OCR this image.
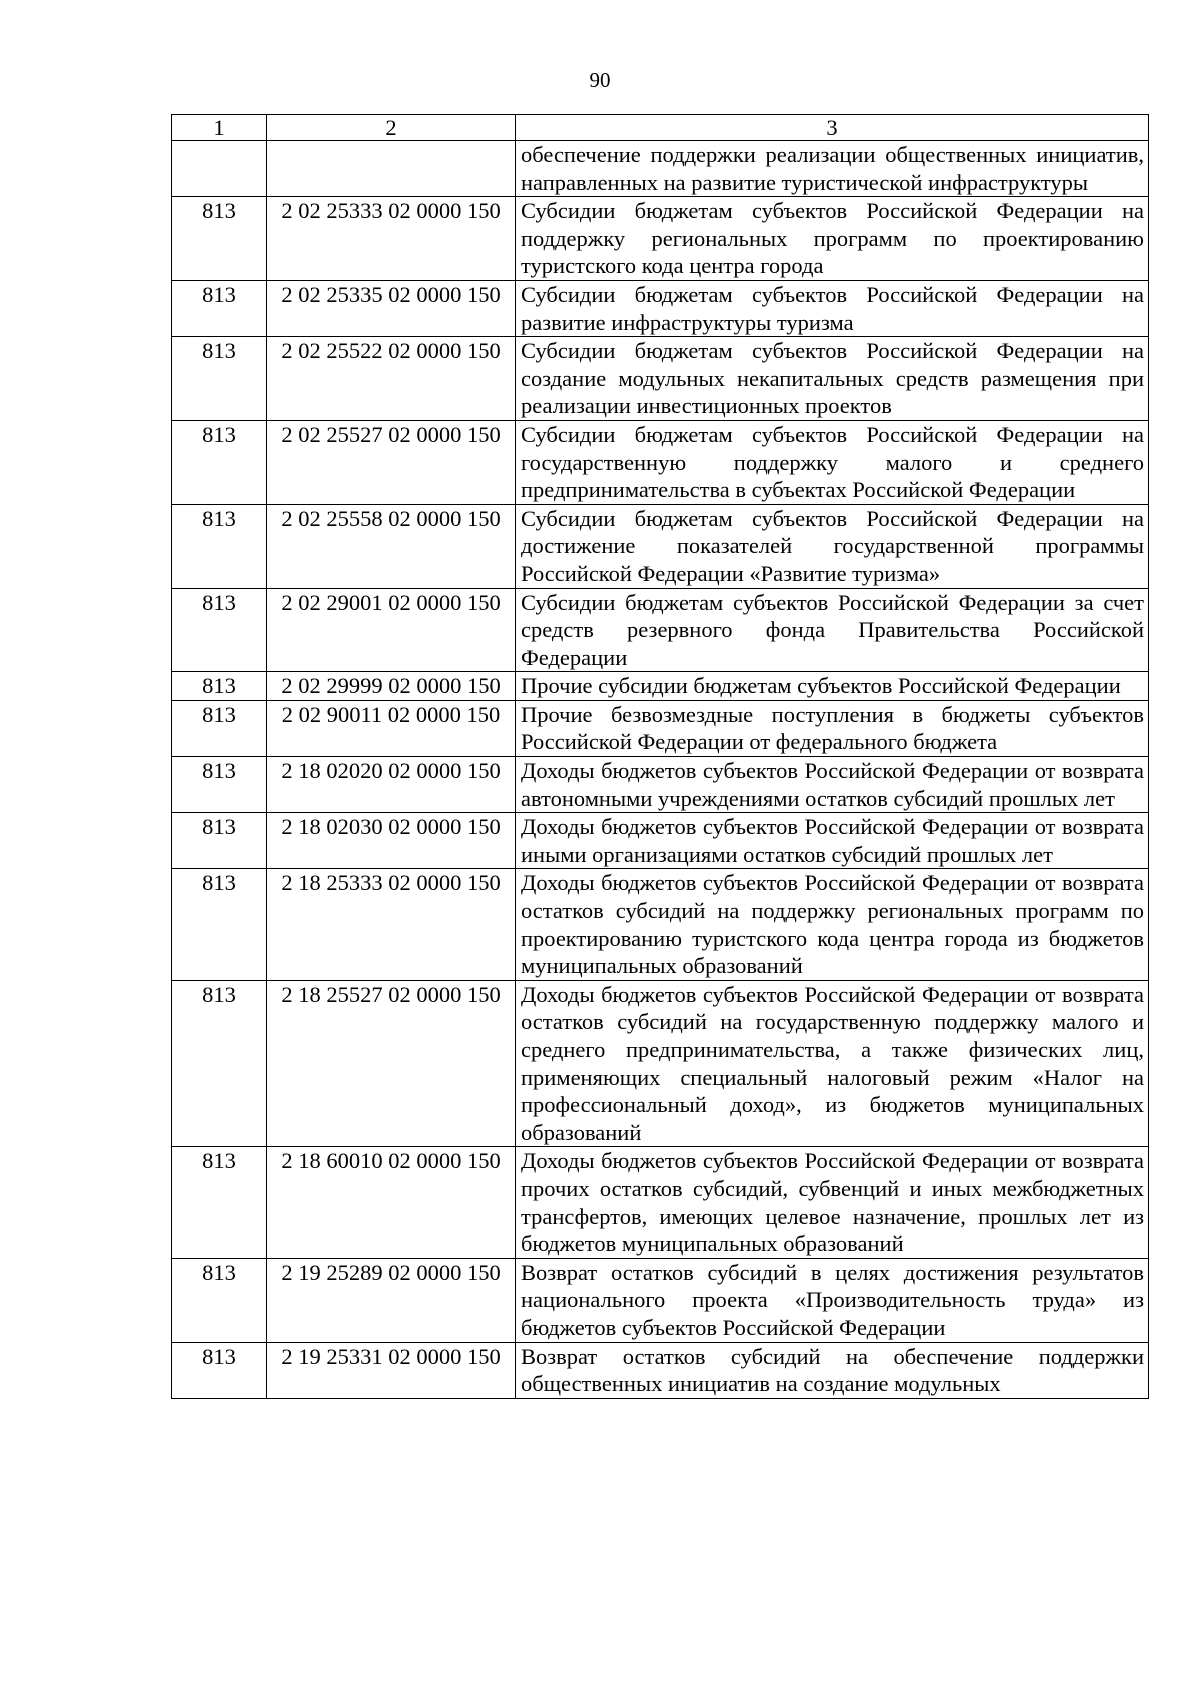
90
1	2	3
		обеспечение поддержки реализации общественных инициатив, направленных на развитие туристической инфраструктуры
813	2 02 25333 02 0000 150	Субсидии бюджетам субъектов Российской Федерации на поддержку региональных программ по проектированию туристского кода центра города
813	2 02 25335 02 0000 150	Субсидии бюджетам субъектов Российской Федерации на развитие инфраструктуры туризма
813	2 02 25522 02 0000 150	Субсидии бюджетам субъектов Российской Федерации на создание модульных некапитальных средств размещения при реализации инвестиционных проектов
813	2 02 25527 02 0000 150	Субсидии бюджетам субъектов Российской Федерации на государственную поддержку малого и среднего предпринимательства в субъектах Российской Федерации
813	2 02 25558 02 0000 150	Субсидии бюджетам субъектов Российской Федерации на достижение показателей государственной программы Российской Федерации «Развитие туризма»
813	2 02 29001 02 0000 150	Субсидии бюджетам субъектов Российской Федерации за счет средств резервного фонда Правительства Российской Федерации
813	2 02 29999 02 0000 150	Прочие субсидии бюджетам субъектов Российской Федерации
813	2 02 90011 02 0000 150	Прочие безвозмездные поступления в бюджеты субъектов Российской Федерации от федерального бюджета
813	2 18 02020 02 0000 150	Доходы бюджетов субъектов Российской Федерации от возврата автономными учреждениями остатков субсидий прошлых лет
813	2 18 02030 02 0000 150	Доходы бюджетов субъектов Российской Федерации от возврата иными организациями остатков субсидий прошлых лет
813	2 18 25333 02 0000 150	Доходы бюджетов субъектов Российской Федерации от возврата остатков субсидий на поддержку региональных программ по проектированию туристского кода центра города из бюджетов муниципальных образований
813	2 18 25527 02 0000 150	Доходы бюджетов субъектов Российской Федерации от возврата остатков субсидий на государственную поддержку малого и среднего предпринимательства, а также физических лиц, применяющих специальный налоговый режим «Налог на профессиональный доход», из бюджетов муниципальных образований
813	2 18 60010 02 0000 150	Доходы бюджетов субъектов Российской Федерации от возврата прочих остатков субсидий, субвенций и иных межбюджетных трансфертов, имеющих целевое назначение, прошлых лет из бюджетов муниципальных образований
813	2 19 25289 02 0000 150	Возврат остатков субсидий в целях достижения результатов национального проекта «Производительность труда» из бюджетов субъектов Российской Федерации
813	2 19 25331 02 0000 150	Возврат остатков субсидий на обеспечение поддержки общественных инициатив на создание модульных
